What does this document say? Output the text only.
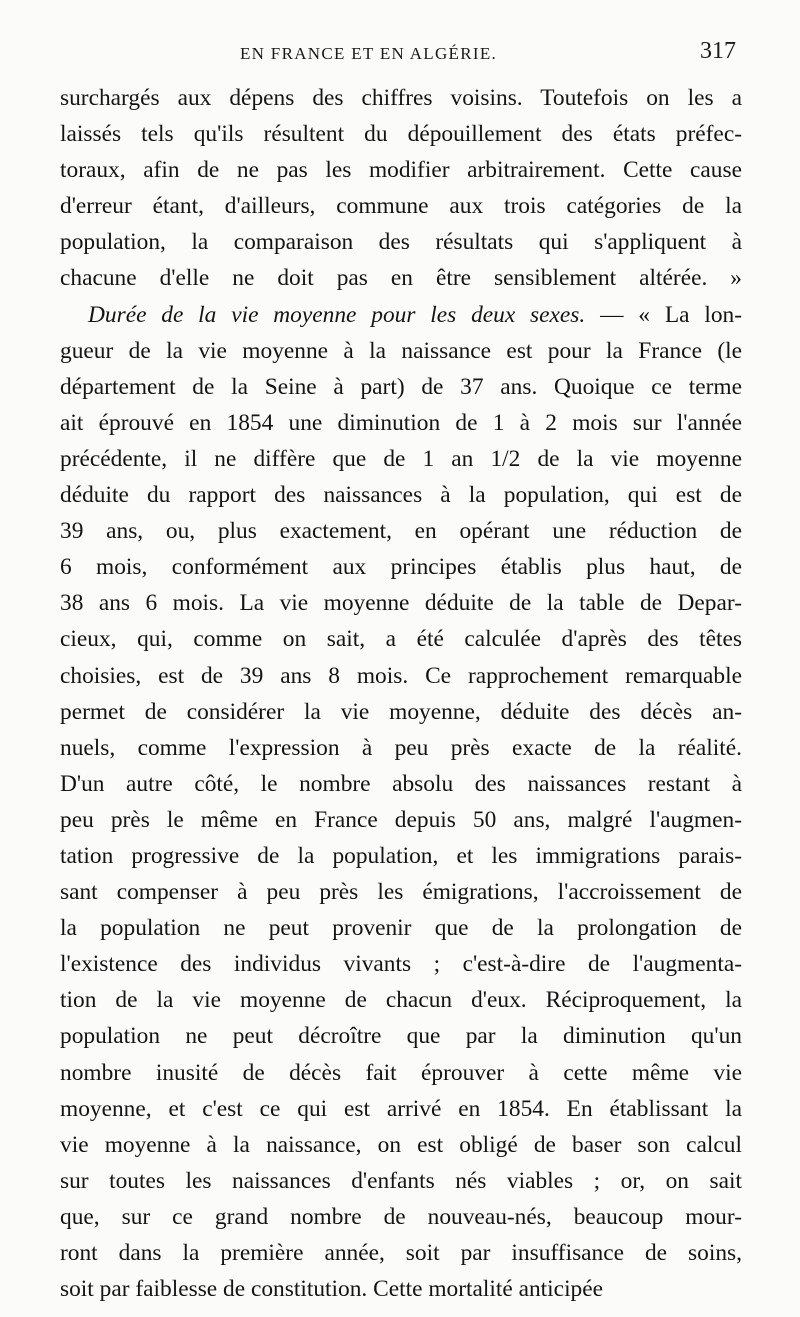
EN FRANCE ET EN ALGÉRIE.	317
surchargés aux dépens des chiffres voisins. Toutefois on les a
laissés tels qu'ils résultent du dépouillement des états préfec-
toraux, afin de ne pas les modifier arbitrairement. Cette cause
d'erreur étant, d'ailleurs, commune aux trois catégories de la
population, la comparaison des résultats qui s'appliquent à
chacune d'elle ne doit pas en être sensiblement altérée. »
Durée de la vie moyenne pour les deux sexes. — « La lon-
gueur de la vie moyenne à la naissance est pour la France (le
département de la Seine à part) de 37 ans. Quoique ce terme
ait éprouvé en 1854 une diminution de 1 à 2 mois sur l'année
précédente, il ne diffère que de 1 an 1/2 de la vie moyenne
déduite du rapport des naissances à la population, qui est de
39 ans, ou, plus exactement, en opérant une réduction de
6 mois, conformément aux principes établis plus haut, de
38 ans 6 mois. La vie moyenne déduite de la table de Depar-
cieux, qui, comme on sait, a été calculée d'après des têtes
choisies, est de 39 ans 8 mois. Ce rapprochement remarquable
permet de considérer la vie moyenne, déduite des décès an-
nuels, comme l'expression à peu près exacte de la réalité.
D'un autre côté, le nombre absolu des naissances restant à
peu près le même en France depuis 50 ans, malgré l'augmen-
tation progressive de la population, et les immigrations parais-
sant compenser à peu près les émigrations, l'accroissement de
la population ne peut provenir que de la prolongation de
l'existence des individus vivants ; c'est-à-dire de l'augmenta-
tion de la vie moyenne de chacun d'eux. Réciproquement, la
population ne peut décroître que par la diminution qu'un
nombre inusité de décès fait éprouver à cette même vie
moyenne, et c'est ce qui est arrivé en 1854. En établissant la
vie moyenne à la naissance, on est obligé de baser son calcul
sur toutes les naissances d'enfants nés viables ; or, on sait
que, sur ce grand nombre de nouveau-nés, beaucoup mour-
ront dans la première année, soit par insuffisance de soins,
soit par faiblesse de constitution. Cette mortalité anticipée
